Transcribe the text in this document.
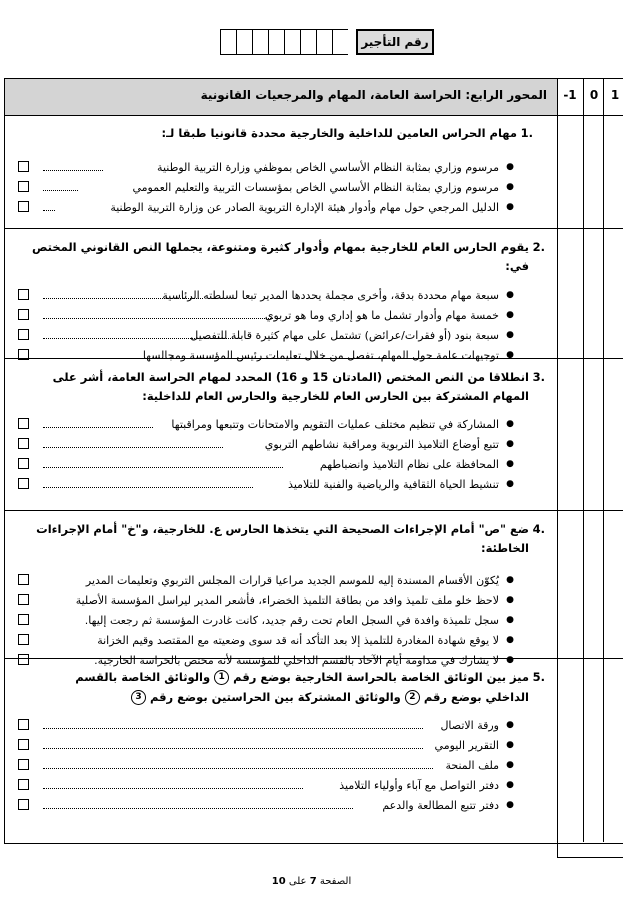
رقم التأجير
المحور الرابع: الحراسة العامة، المهام والمرجعيات القانونية -1	0	1
.1
مهام الحراس العامين للداخلية والخارجية محددة قانونيا طبقا لـ:
●
مرسوم وزاري بمثابة النظام الأساسي الخاص بموظفي وزارة التربية الوطنية
●
مرسوم وزاري بمثابة النظام الأساسي الخاص بمؤسسات التربية والتعليم العمومي
●
الدليل المرجعي حول مهام وأدوار هيئة الإدارة التربوية الصادر عن وزارة التربية الوطنية
.2
يقوم الحارس العام للخارجية بمهام وأدوار كثيرة ومتنوعة، يجملها النص القانوني المختص في:
●
سبعة مهام محددة بدقة، وأخرى مجملة يحددها المدير تبعا لسلطته الرئاسية
●
خمسة مهام وأدوار تشمل ما هو إداري وما هو تربوي
●
سبعة بنود (أو فقرات/عرائض) تشتمل على مهام كثيرة قابلة للتفصيل
●
توجيهات عامة حول المهام، تفصل من خلال تعليمات رئيس المؤسسة ومجالسها
.3
انطلاقا من النص المختص (المادتان 15 و 16) المحدد لمهام الحراسة العامة، أشر على المهام المشتركة بين الحارس العام للخارجية والحارس العام للداخلية:
●
المشاركة في تنظيم مختلف عمليات التقويم والامتحانات وتتبعها ومراقبتها
●
تتبع أوضاع التلاميذ التربوية ومراقبة نشاطهم التربوي
●
المحافظة على نظام التلاميذ وانضباطهم
●
تنشيط الحياة الثقافية والرياضية والفنية للتلاميذ
.4
ضع "ص" أمام الإجراءات الصحيحة التي يتخذها الحارس ع. للخارجية، و"خ" أمام الإجراءات الخاطئة:
●
يُكوّن الأقسام المسندة إليه للموسم الجديد مراعيا قرارات المجلس التربوي وتعليمات المدير
●
لاحظ خلو ملف تلميذ وافد من بطاقة التلميذ الخضراء، فأشعر المدير ليراسل المؤسسة الأصلية
●
سجل تلميذة وافدة في السجل العام تحت رقم جديد، كانت غادرت المؤسسة ثم رجعت إليها.
●
لا يوقع شهادة المغادرة للتلميذ إلا بعد التأكد أنه قد سوى وضعيته مع المقتصد وقيم الخزانة
●
لا يشارك في مداومة أيام الآحاد بالقسم الداخلي للمؤسسة لأنه مختص بالحراسة الخارجية.
.5
ميز بين الوثائق الخاصة بالحراسة الخارجية بوضع رقم 1 والوثائق الخاصة بالقسم الداخلي بوضع رقم 2 والوثائق المشتركة بين الحراستين بوضع رقم 3
●
ورقة الاتصال
●
التقرير اليومي
●
ملف المنحة
●
دفتر التواصل مع آباء وأولياء التلاميذ
●
دفتر تتبع المطالعة والدعم
الصفحة 7 على 10
